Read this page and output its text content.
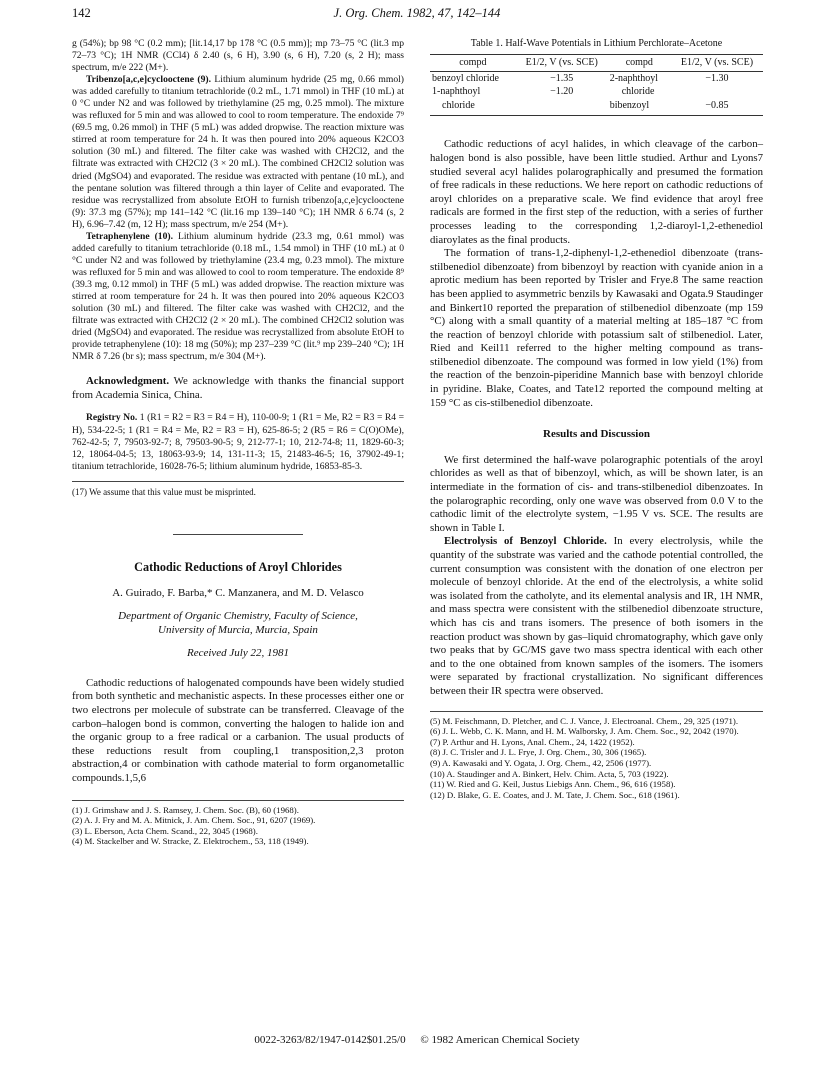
142	J. Org. Chem. 1982, 47, 142–144

g (54%); bp 98 °C (0.2 mm); [lit.14,17 bp 178 °C (0.5 mm)]; mp 73–75 °C (lit.3 mp 72–73 °C); 1H NMR (CCl4) δ 2.40 (s, 6 H), 3.90 (s, 6 H), 7.20 (s, 2 H); mass spectrum, m/e 222 (M+).

Tribenzo[a,c,e]cyclooctene (9). Lithium aluminum hydride (25 mg, 0.66 mmol) was added carefully to titanium tetrachloride (0.2 mL, 1.71 mmol) in THF (10 mL) at 0 °C under N2 and was followed by triethylamine (25 mg, 0.25 mmol). The mixture was refluxed for 5 min and was allowed to cool to room temperature. The endoxide 7⁹ (69.5 mg, 0.26 mmol) in THF (5 mL) was added dropwise. The reaction mixture was stirred at room temperature for 24 h. It was then poured into 20% aqueous K2CO3 solution (30 mL) and filtered. The filter cake was washed with CH2Cl2, and the filtrate was extracted with CH2Cl2 (3 × 20 mL). The combined CH2Cl2 solution was dried (MgSO4) and evaporated. The residue was extracted with pentane (10 mL), and the pentane solution was filtered through a thin layer of Celite and evaporated. The residue was recrystallized from absolute EtOH to furnish tribenzo[a,c,e]cyclooctene (9): 37.3 mg (57%); mp 141–142 °C (lit.16 mp 139–140 °C); 1H NMR δ 6.74 (s, 2 H), 6.96–7.42 (m, 12 H); mass spectrum, m/e 254 (M+).

Tetraphenylene (10). Lithium aluminum hydride (23.3 mg, 0.61 mmol) was added carefully to titanium tetrachloride (0.18 mL, 1.54 mmol) in THF (10 mL) at 0 °C under N2 and was followed by triethylamine (23.4 mg, 0.23 mmol). The mixture was refluxed for 5 min and was allowed to cool to room temperature. The endoxide 8⁹ (39.3 mg, 0.12 mmol) in THF (5 mL) was added dropwise. The reaction mixture was stirred at room temperature for 24 h. It was then poured into 20% aqueous K2CO3 solution (30 mL) and filtered. The filter cake was washed with CH2Cl2, and the filtrate was extracted with CH2Cl2 (2 × 20 mL). The combined CH2Cl2 solution was dried (MgSO4) and evaporated. The residue was recrystallized from absolute EtOH to provide tetraphenylene (10): 18 mg (50%); mp 237–239 °C (lit.⁹ mp 239–240 °C); 1H NMR δ 7.26 (br s); mass spectrum, m/e 304 (M+).

Acknowledgment. We acknowledge with thanks the financial support from Academia Sinica, China.

Registry No. 1 (R1 = R2 = R3 = R4 = H), 110-00-9; 1 (R1 = Me, R2 = R3 = R4 = H), 534-22-5; 1 (R1 = R4 = Me, R2 = R3 = H), 625-86-5; 2 (R5 = R6 = C(O)OMe), 762-42-5; 7, 79503-92-7; 8, 79503-90-5; 9, 212-77-1; 10, 212-74-8; 11, 1829-60-3; 12, 18064-04-5; 13, 18063-93-9; 14, 131-11-3; 15, 21483-46-5; 16, 37902-49-1; titanium tetrachloride, 16028-76-5; lithium aluminum hydride, 16853-85-3.

(17) We assume that this value must be misprinted.
Cathodic Reductions of Aroyl Chlorides
A. Guirado, F. Barba,* C. Manzanera, and M. D. Velasco
Department of Organic Chemistry, Faculty of Science,
University of Murcia, Murcia, Spain
Received July 22, 1981

Cathodic reductions of halogenated compounds have been widely studied from both synthetic and mechanistic aspects. In these processes either one or two electrons per molecule of substrate can be transferred. Cleavage of the carbon–halogen bond is common, converting the halogen to halide ion and the organic group to a free radical or a carbanion. The usual products of these reductions result from coupling,1 transposition,2,3 proton abstraction,4 or combination with cathode material to form organometallic compounds.1,5,6

(1) J. Grimshaw and J. S. Ramsey, J. Chem. Soc. (B), 60 (1968).
(2) A. J. Fry and M. A. Mitnick, J. Am. Chem. Soc., 91, 6207 (1969).
(3) L. Eberson, Acta Chem. Scand., 22, 3045 (1968).
(4) M. Stackelber and W. Stracke, Z. Elektrochem., 53, 118 (1949).
Table 1. Half-Wave Potentials in Lithium Perchlorate–Acetone
compd	E1/2, V (vs. SCE)	compd	E1/2, V (vs. SCE)
benzoyl chloride	−1.35	2-naphthoyl	−1.30
1-naphthoyl	−1.20	chloride	
chloride		bibenzoyl	−0.85

Cathodic reductions of acyl halides, in which cleavage of the carbon–halogen bond is also possible, have been little studied. Arthur and Lyons7 studied several acyl halides polarographically and presumed the formation of free radicals in these reductions. We here report on cathodic reductions of aroyl chlorides on a preparative scale. We find evidence that aroyl free radicals are formed in the first step of the reduction, with a series of further processes leading to the corresponding 1,2-diaroyl-1,2-ethenediol diaroylates as the final products.

The formation of trans-1,2-diphenyl-1,2-ethenediol dibenzoate (trans-stilbenediol dibenzoate) from bibenzoyl by reaction with cyanide anion in a aprotic medium has been reported by Trisler and Frye.8 The same reaction has been applied to asymmetric benzils by Kawasaki and Ogata.9 Staudinger and Binkert10 reported the preparation of stilbenediol dibenzoate (mp 159 °C) along with a small quantity of a material melting at 185–187 °C from the reaction of benzoyl chloride with potassium salt of stilbenediol. Later, Ried and Keil11 referred to the higher melting compound as trans-stilbenediol dibenzoate. The compound was formed in low yield (1%) from the reaction of the benzoin-piperidine Mannich base with benzoyl chloride in pyridine. Blake, Coates, and Tate12 reported the compound melting at 159 °C as cis-stilbenediol dibenzoate.

Results and Discussion

We first determined the half-wave polarographic potentials of the aroyl chlorides as well as that of bibenzoyl, which, as will be shown later, is an intermediate in the formation of cis- and trans-stilbenediol dibenzoates. In the polarographic recording, only one wave was observed from 0.0 V to the cathodic limit of the electrolyte system, −1.95 V vs. SCE. The results are shown in Table I.

Electrolysis of Benzoyl Chloride. In every electrolysis, while the quantity of the substrate was varied and the cathode potential controlled, the current consumption was consistent with the donation of one electron per molecule of benzoyl chloride. At the end of the electrolysis, a white solid was isolated from the catholyte, and its elemental analysis and IR, 1H NMR, and mass spectra were consistent with the stilbenediol dibenzoate structure, which has cis and trans isomers. The presence of both isomers in the reaction product was shown by gas–liquid chromatography, which gave only two peaks that by GC/MS gave two mass spectra identical with each other and to the one obtained from known samples of the isomers. The isomers were separated by fractional crystallization. No significant differences between their IR spectra were observed.

(5) M. Feischmann, D. Pletcher, and C. J. Vance, J. Electroanal. Chem., 29, 325 (1971).
(6) J. L. Webb, C. K. Mann, and H. M. Walborsky, J. Am. Chem. Soc., 92, 2042 (1970).
(7) P. Arthur and H. Lyons, Anal. Chem., 24, 1422 (1952).
(8) J. C. Trisler and J. L. Frye, J. Org. Chem., 30, 306 (1965).
(9) A. Kawasaki and Y. Ogata, J. Org. Chem., 42, 2506 (1977).
(10) A. Staudinger and A. Binkert, Helv. Chim. Acta, 5, 703 (1922).
(11) W. Ried and G. Keil, Justus Liebigs Ann. Chem., 96, 616 (1958).
(12) D. Blake, G. E. Coates, and J. M. Tate, J. Chem. Soc., 618 (1961).
0022-3263/82/1947-0142$01.25/0 © 1982 American Chemical Society
